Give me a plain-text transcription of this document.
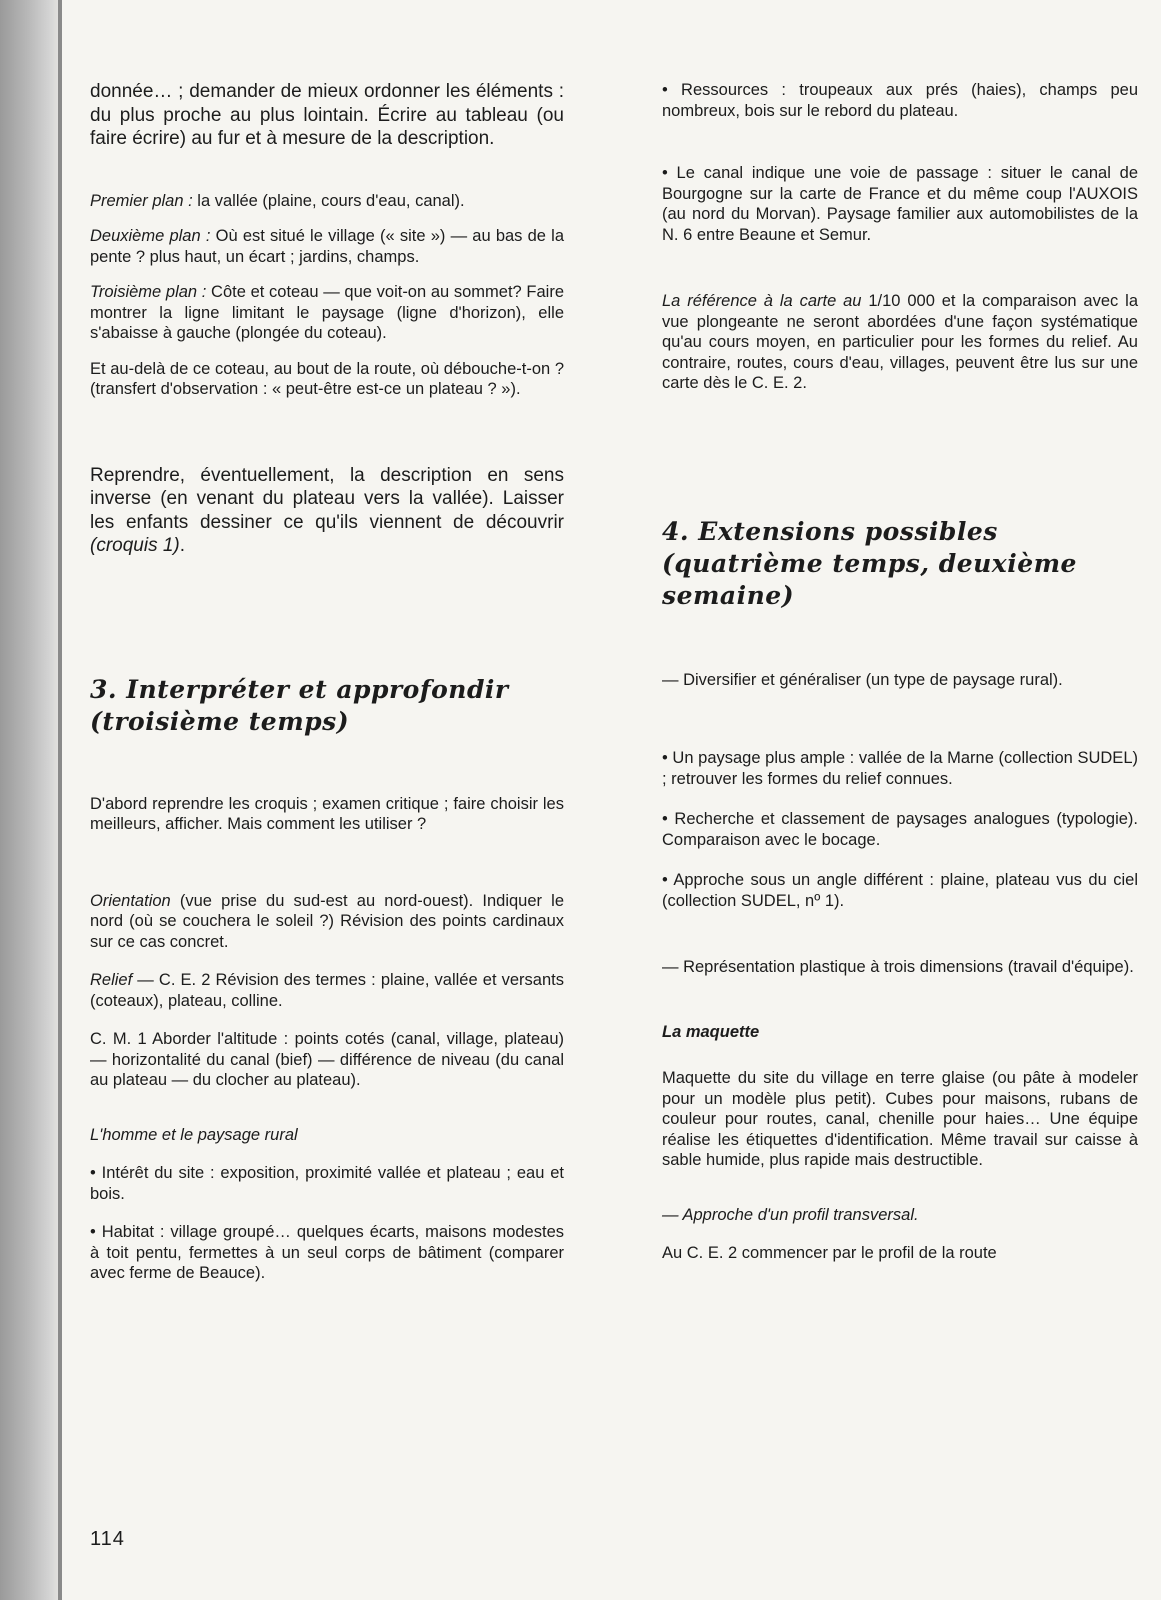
donnée… ; demander de mieux ordonner les éléments : du plus proche au plus lointain. Écrire au tableau (ou faire écrire) au fur et à mesure de la description.

Premier plan : la vallée (plaine, cours d'eau, canal).

Deuxième plan : Où est situé le village (« site ») — au bas de la pente ? plus haut, un écart ; jardins, champs.

Troisième plan : Côte et coteau — que voit-on au sommet? Faire montrer la ligne limitant le paysage (ligne d'horizon), elle s'abaisse à gauche (plongée du coteau).

Et au-delà de ce coteau, au bout de la route, où débouche-t-on ? (transfert d'observation : « peut-être est-ce un plateau ? »).

Reprendre, éventuellement, la description en sens inverse (en venant du plateau vers la vallée). Laisser les enfants dessiner ce qu'ils viennent de découvrir (croquis 1).

3. Interpréter et approfondir (troisième temps)

D'abord reprendre les croquis ; examen critique ; faire choisir les meilleurs, afficher. Mais comment les utiliser ?

Orientation (vue prise du sud-est au nord-ouest). Indiquer le nord (où se couchera le soleil ?) Révision des points cardinaux sur ce cas concret.

Relief — C. E. 2 Révision des termes : plaine, vallée et versants (coteaux), plateau, colline.

C. M. 1 Aborder l'altitude : points cotés (canal, village, plateau) — horizontalité du canal (bief) — différence de niveau (du canal au plateau — du clocher au plateau).

L'homme et le paysage rural

• Intérêt du site : exposition, proximité vallée et plateau ; eau et bois.

• Habitat : village groupé… quelques écarts, maisons modestes à toit pentu, fermettes à un seul corps de bâtiment (comparer avec ferme de Beauce).

• Ressources : troupeaux aux prés (haies), champs peu nombreux, bois sur le rebord du plateau.

• Le canal indique une voie de passage : situer le canal de Bourgogne sur la carte de France et du même coup l'AUXOIS (au nord du Morvan). Paysage familier aux automobilistes de la N. 6 entre Beaune et Semur.

La référence à la carte au 1/10 000 et la comparaison avec la vue plongeante ne seront abordées d'une façon systématique qu'au cours moyen, en particulier pour les formes du relief. Au contraire, routes, cours d'eau, villages, peuvent être lus sur une carte dès le C. E. 2.

4. Extensions possibles (quatrième temps, deuxième semaine)

— Diversifier et généraliser (un type de paysage rural).

• Un paysage plus ample : vallée de la Marne (collection SUDEL) ; retrouver les formes du relief connues.

• Recherche et classement de paysages analogues (typologie). Comparaison avec le bocage.

• Approche sous un angle différent : plaine, plateau vus du ciel (collection SUDEL, nº 1).

— Représentation plastique à trois dimensions (travail d'équipe).

La maquette

Maquette du site du village en terre glaise (ou pâte à modeler pour un modèle plus petit). Cubes pour maisons, rubans de couleur pour routes, canal, chenille pour haies… Une équipe réalise les étiquettes d'identification. Même travail sur caisse à sable humide, plus rapide mais destructible.

— Approche d'un profil transversal.

Au C. E. 2 commencer par le profil de la route

114
